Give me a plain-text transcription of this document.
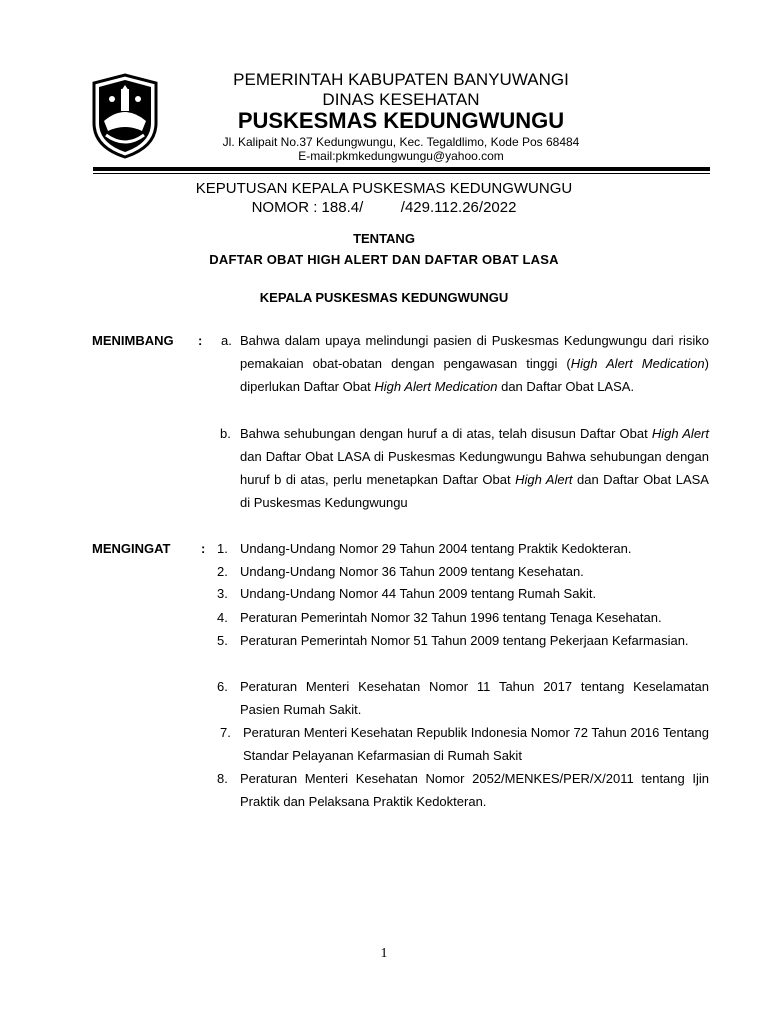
PEMERINTAH KABUPATEN BANYUWANGI
DINAS KESEHATAN
PUSKESMAS KEDUNGWUNGU
Jl. Kalipait No.37 Kedungwungu, Kec. Tegaldlimo, Kode Pos 68484
E-mail:pkmkedungwungu@yahoo.com
KEPUTUSAN KEPALA PUSKESMAS KEDUNGWUNGU
NOMOR : 188.4/         /429.112.26/2022
TENTANG
DAFTAR OBAT HIGH ALERT DAN DAFTAR OBAT LASA
KEPALA PUSKESMAS KEDUNGWUNGU
MENIMBANG : a. Bahwa dalam upaya melindungi pasien di Puskesmas Kedungwungu dari risiko pemakaian obat-obatan dengan pengawasan tinggi (High Alert Medication) diperlukan Daftar Obat High Alert Medication dan Daftar Obat LASA.
b. Bahwa sehubungan dengan huruf a di atas, telah disusun Daftar Obat High Alert dan Daftar Obat LASA di Puskesmas Kedungwungu Bahwa sehubungan dengan huruf b di atas, perlu menetapkan Daftar Obat High Alert dan Daftar Obat LASA di Puskesmas Kedungwungu
MENGINGAT : 1. Undang-Undang Nomor 29 Tahun 2004 tentang Praktik Kedokteran.
2. Undang-Undang Nomor 36 Tahun 2009 tentang Kesehatan.
3. Undang-Undang Nomor 44 Tahun 2009 tentang Rumah Sakit.
4. Peraturan Pemerintah Nomor 32 Tahun 1996 tentang Tenaga Kesehatan.
5. Peraturan Pemerintah Nomor 51 Tahun 2009 tentang Pekerjaan Kefarmasian.
6. Peraturan Menteri Kesehatan Nomor 11 Tahun 2017 tentang Keselamatan Pasien Rumah Sakit.
7. Peraturan Menteri Kesehatan Republik Indonesia Nomor 72 Tahun 2016 Tentang Standar Pelayanan Kefarmasian di Rumah Sakit
8. Peraturan Menteri Kesehatan Nomor 2052/MENKES/PER/X/2011 tentang Ijin Praktik dan Pelaksana Praktik Kedokteran.
1
